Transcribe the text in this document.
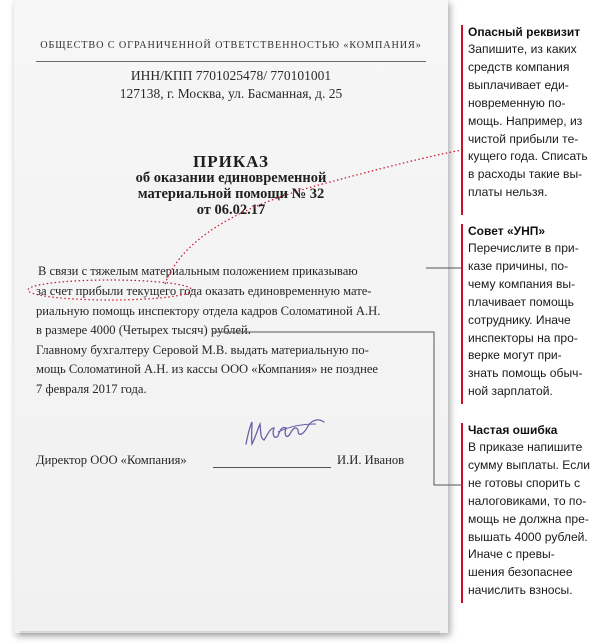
ОБЩЕСТВО С ОГРАНИЧЕННОЙ ОТВЕТСТВЕННОСТЬЮ «КОМПАНИЯ»
ИНН/КПП 7701025478/ 770101001
127138, г. Москва, ул. Басманная, д. 25
ПРИКАЗ
об оказании единовременной
материальной помощи № 32
от 06.02.17
В связи с тяжелым материальным положением приказываю
за счет прибыли текущего года оказать единовременную мате-
риальную помощь инспектору отдела кадров Соломатиной А.Н.
в размере 4000 (Четырех тысяч) рублей.
Главному бухгалтеру Серовой М.В. выдать материальную по-
мощь Соломатиной А.Н. из кассы ООО «Компания» не позднее
7 февраля 2017 года.
Директор ООО «Компания»	И.И. Иванов
Опасный реквизит

Запишите, из каких
средств компания
выплачивает еди-
новременную по-
мощь. Например, из
чистой прибыли те-
кущего года. Списать
в расходы такие вы-
платы нельзя.

Совет «УНП»

Перечислите в при-
казе причины, по-
чему компания вы-
плачивает помощь
сотруднику. Иначе
инспекторы на про-
верке могут при-
знать помощь обыч-
ной зарплатой.

Частая ошибка

В приказе напишите
сумму выплаты. Если
не готовы спорить с
налоговиками, то по-
мощь не должна пре-
вышать 4000 рублей.
Иначе с превы-
шения безопаснее
начислить взносы.
